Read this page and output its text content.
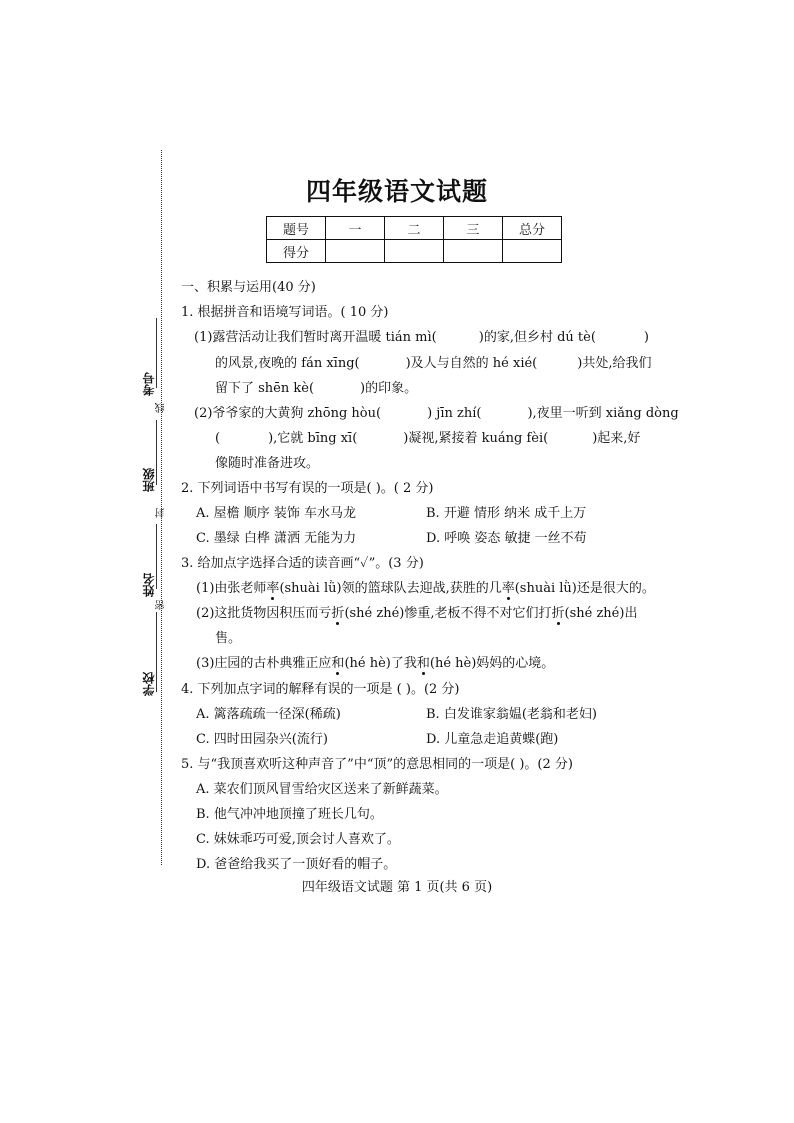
考号
线
班级
封
姓名
密
学校
四年级语文试题
题号	一	二	三	总分
得分				
一、积累与运用(40 分)
1. 根据拼音和语境写词语。( 10 分)
(1)露营活动让我们暂时离开温暖 tián mì(	)的家,但乡村 dú tè(	)
的风景,夜晚的 fán xīng(	)及人与自然的 hé xié(	)共处,给我们
留下了 shēn kè(	)的印象。
(2)爷爷家的大黄狗 zhōng hòu(	) jīn zhí(	),夜里一听到 xiǎng dòng
(	),它就 bīng xī(	)凝视,紧接着 kuáng fèi(	)起来,好
像随时准备进攻。
2. 下列词语中书写有误的一项是( )。( 2 分)
A. 屋檐 顺序 装饰 车水马龙	B. 开避 情形 纳米 成千上万
C. 墨绿 白桦 潇洒 无能为力	D. 呼唤 姿态 敏捷 一丝不苟
3. 给加点字选择合适的读音画“✓”。(3 分)
(1)由张老师率(shuài lǜ)领的篮球队去迎战,获胜的几率(shuài lǜ)还是很大的。
(2)这批货物因积压而亏折(shé zhé)惨重,老板不得不对它们打折(shé zhé)出
售。
(3)庄园的古朴典雅正应和(hé hè)了我和(hé hè)妈妈的心境。
4. 下列加点字词的解释有误的一项是 ( )。(2 分)
A. 篱落疏疏一径深(稀疏)	B. 白发谁家翁媪(老翁和老妇)
C. 四时田园杂兴(流行)	D. 儿童急走追黄蝶(跑)
5. 与“我顶喜欢听这种声音了”中“顶”的意思相同的一项是( )。(2 分)
A. 菜农们顶风冒雪给灾区送来了新鲜蔬菜。
B. 他气冲冲地顶撞了班长几句。
C. 妹妹乖巧可爱,顶会讨人喜欢了。
D. 爸爸给我买了一顶好看的帽子。
四年级语文试题 第 1 页(共 6 页)
